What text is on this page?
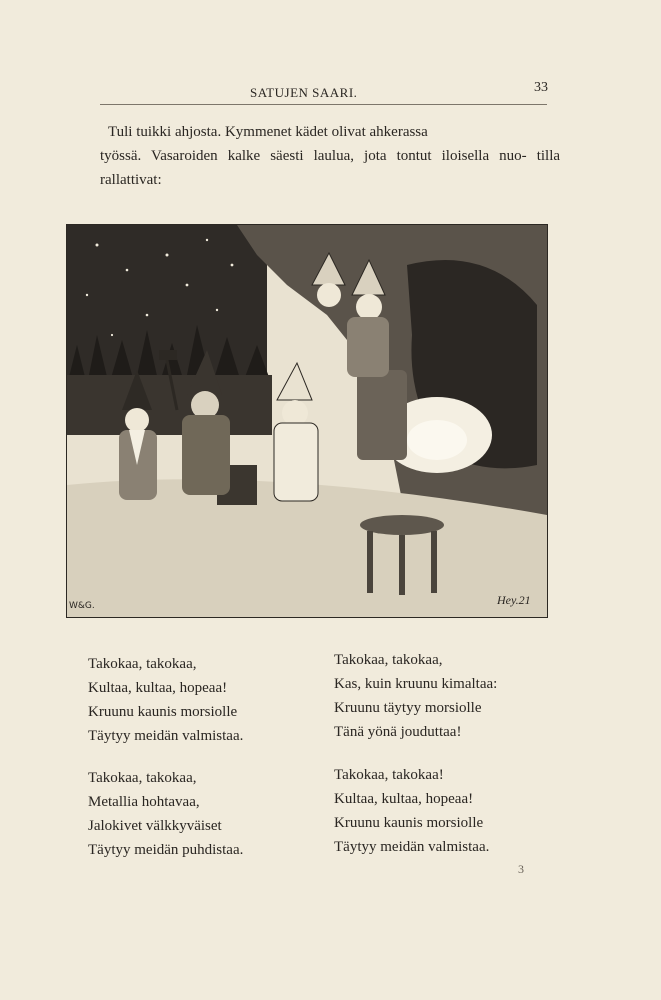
SATUJEN SAARI.	33
Tuli tuikki ahjosta. Kymmenet kädet olivat ahkerassa
työssä. Vasaroiden kalke säesti laulua, jota tontut iloisella nuo- tilla rallattivat:
W&G.	Hey.21
Takokaa, takokaa,
Kultaa, kultaa, hopeaa!
Kruunu kaunis morsiolle
Täytyy meidän valmistaa.
Takokaa, takokaa,
Kas, kuin kruunu kimaltaa:
Kruunu täytyy morsiolle
Tänä yönä jouduttaa!
Takokaa, takokaa,
Metallia hohtavaa,
Jalokivet välkkyväiset
Täytyy meidän puhdistaa.
Takokaa, takokaa!
Kultaa, kultaa, hopeaa!
Kruunu kaunis morsiolle
Täytyy meidän valmistaa.
3
